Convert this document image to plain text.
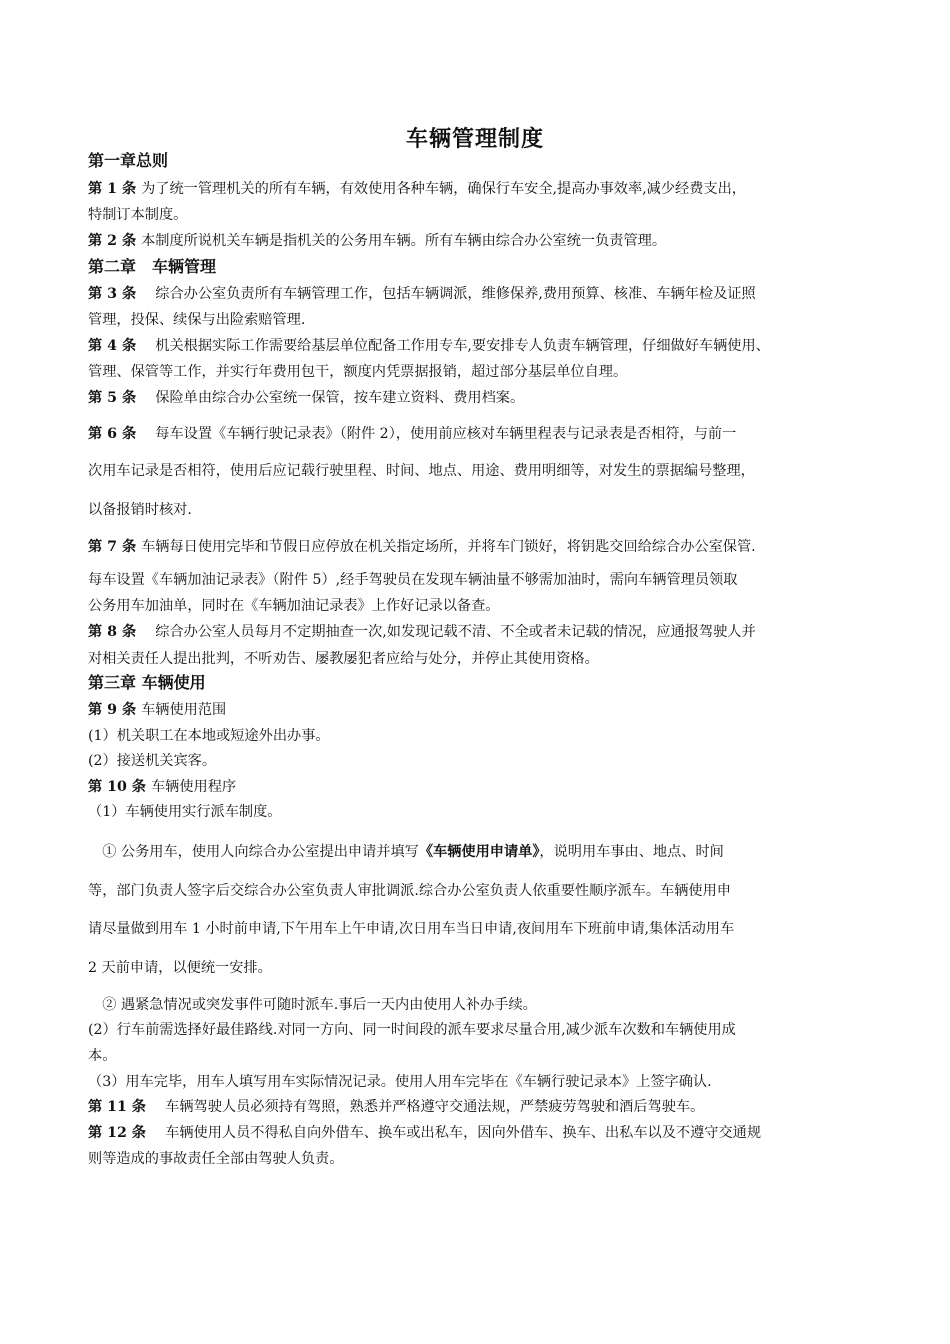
车辆管理制度
第一章总则
第 1 条 为了统一管理机关的所有车辆，有效使用各种车辆，确保行车安全,提高办事效率,减少经费支出，
特制订本制度。
第 2 条 本制度所说机关车辆是指机关的公务用车辆。所有车辆由综合办公室统一负责管理。
第二章　车辆管理
第 3 条 　综合办公室负责所有车辆管理工作，包括车辆调派，维修保养,费用预算、核准、车辆年检及证照
管理，投保、续保与出险索赔管理.
第 4 条 　机关根据实际工作需要给基层单位配备工作用专车,要安排专人负责车辆管理，仔细做好车辆使用、
管理、保管等工作，并实行年费用包干，额度内凭票据报销，超过部分基层单位自理。
第 5 条 　保险单由综合办公室统一保管，按车建立资料、费用档案。
第 6 条 　每车设置《车辆行驶记录表》（附件 2），使用前应核对车辆里程表与记录表是否相符，与前一
次用车记录是否相符，使用后应记载行驶里程、时间、地点、用途、费用明细等，对发生的票据编号整理，
以备报销时核对.
第 7 条 车辆每日使用完毕和节假日应停放在机关指定场所，并将车门锁好，将钥匙交回给综合办公室保管.
每车设置《车辆加油记录表》（附件 5）,经手驾驶员在发现车辆油量不够需加油时，需向车辆管理员领取
公务用车加油单，同时在《车辆加油记录表》上作好记录以备查。
第 8 条 　综合办公室人员每月不定期抽查一次,如发现记载不清、不全或者未记载的情况，应通报驾驶人并
对相关责任人提出批判，不听劝告、屡教屡犯者应给与处分，并停止其使用资格。
第三章 车辆使用
第 9 条 车辆使用范围
(1）机关职工在本地或短途外出办事。
(2）接送机关宾客。
第 10 条 车辆使用程序
（1）车辆使用实行派车制度。
　① 公务用车，使用人向综合办公室提出申请并填写《车辆使用申请单》，说明用车事由、地点、时间
等，部门负责人签字后交综合办公室负责人审批调派.综合办公室负责人依重要性顺序派车。车辆使用申
请尽量做到用车 1 小时前申请,下午用车上午申请,次日用车当日申请,夜间用车下班前申请,集体活动用车
2 天前申请，以便统一安排。
　② 遇紧急情况或突发事件可随时派车.事后一天内由使用人补办手续。
(2）行车前需选择好最佳路线.对同一方向、同一时间段的派车要求尽量合用,减少派车次数和车辆使用成
本。
（3）用车完毕，用车人填写用车实际情况记录。使用人用车完毕在《车辆行驶记录本》上签字确认.
第 11 条 　车辆驾驶人员必须持有驾照，熟悉并严格遵守交通法规，严禁疲劳驾驶和酒后驾驶车。
第 12 条 　车辆使用人员不得私自向外借车、换车或出私车，因向外借车、换车、出私车以及不遵守交通规
则等造成的事故责任全部由驾驶人负责。
